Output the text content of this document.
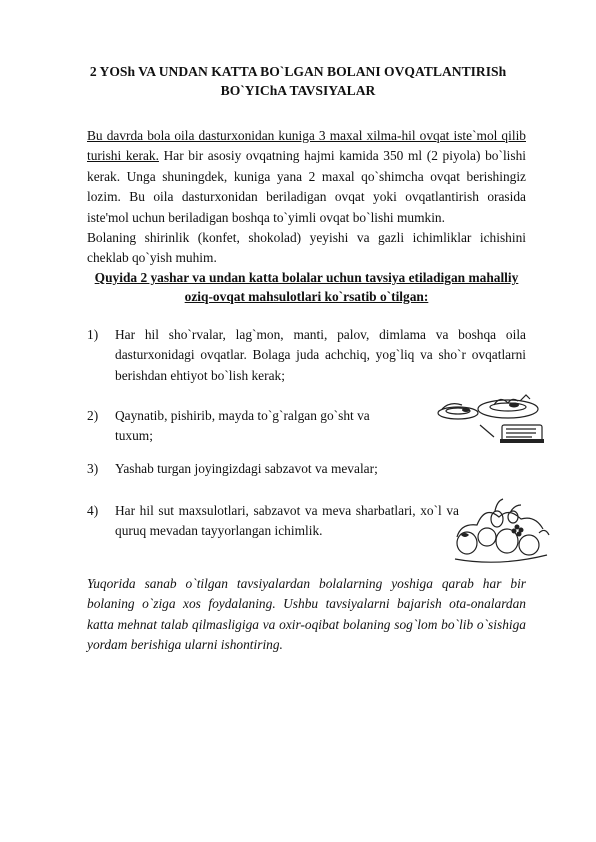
2 YOSh VA UNDAN KATTA BO`LGAN BOLANI OVQATLANTIRISh
BO`YIChA TAVSIYALAR

Bu davrda bola oila dasturxonidan kuniga 3 maxal xilma-hil ovqat iste`mol qilib turishi kerak. Har bir asosiy ovqatning hajmi kamida 350 ml (2 piyola) bo`lishi kerak. Unga shuningdek, kuniga yana 2 maxal qo`shimcha ovqat berishingiz lozim. Bu oila dasturxonidan beriladigan ovqat yoki ovqatlantirish orasida iste'mol uchun beriladigan boshqa to`yimli ovqat bo`lishi mumkin.

Bolaning shirinlik (konfet, shokolad) yeyishi va gazli ichimliklar ichishini cheklab qo`yish muhim.

Quyida 2 yashar va undan katta bolalar uchun tavsiya etiladigan mahalliy
oziq-ovqat mahsulotlari ko`rsatib o`tilgan:
1) Har hil sho`rvalar, lag`mon, manti, palov, dimlama va boshqa oila dasturxonidagi ovqatlar. Bolaga juda achchiq, yog`liq va sho`r ovqatlarni berishdan ehtiyot bo`lish kerak;
2) Qaynatib, pishirib, mayda to`g`ralgan go`sht va tuxum;
3) Yashab turgan joyingizdagi sabzavot va mevalar;
4) Har hil sut maxsulotlari, sabzavot va meva sharbatlari, xo`l va quruq mevadan tayyorlangan ichimlik.
Yuqorida sanab o`tilgan tavsiyalardan bolalarning yoshiga qarab har bir bolaning o`ziga xos foydalaning. Ushbu tavsiyalarni bajarish ota-onalardan katta mehnat talab qilmasligiga va oxir-oqibat bolaning sog`lom bo`lib o`sishiga yordam berishiga ularni ishontiring.
